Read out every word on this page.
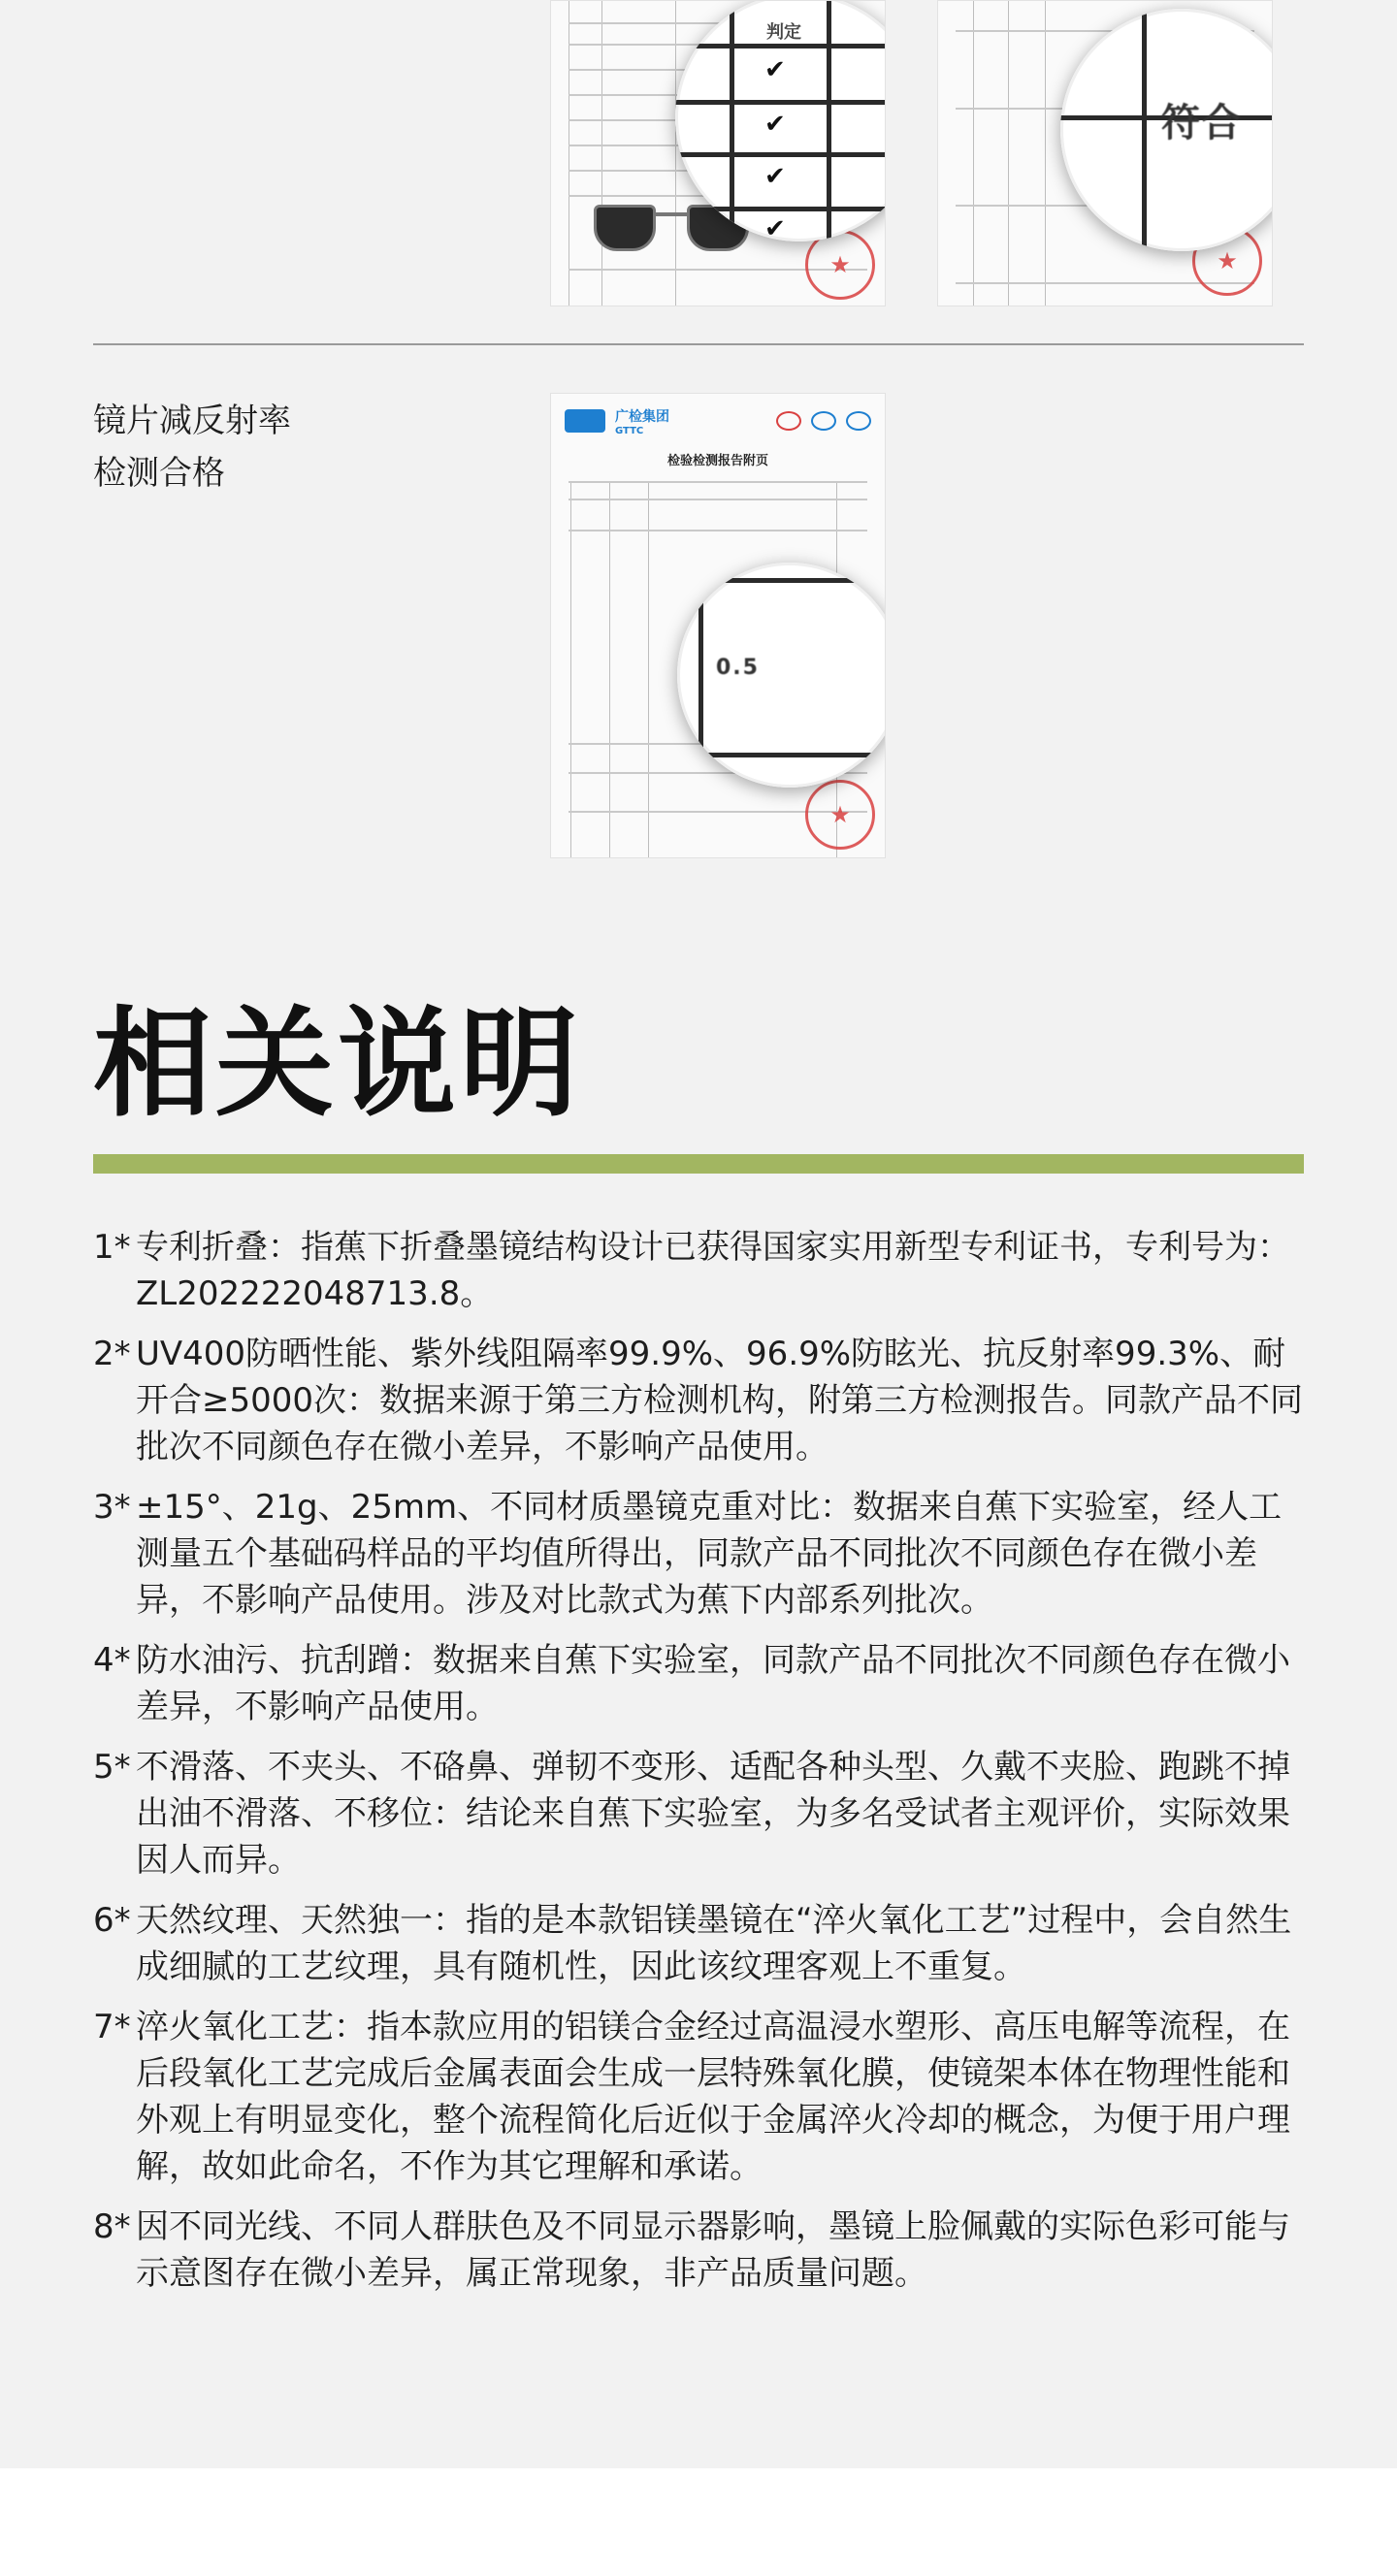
★
判定
✔
✔
✔
✔
★
符合
镜片减反射率
检测合格
广检集团
GTTC
检验检测报告附页
★
0.5
相关说明
1* 专利折叠：指蕉下折叠墨镜结构设计已获得国家实用新型专利证书，专利号为：ZL202222048713.8。
2* UV400防晒性能、紫外线阻隔率99.9%、96.9%防眩光、抗反射率99.3%、耐开合≥5000次：数据来源于第三方检测机构，附第三方检测报告。同款产品不同批次不同颜色存在微小差异，不影响产品使用。
3* ±15°、21g、25mm、不同材质墨镜克重对比：数据来自蕉下实验室，经人工测量五个基础码样品的平均值所得出，同款产品不同批次不同颜色存在微小差异，不影响产品使用。涉及对比款式为蕉下内部系列批次。
4* 防水油污、抗刮蹭：数据来自蕉下实验室，同款产品不同批次不同颜色存在微小差异，不影响产品使用。
5* 不滑落、不夹头、不硌鼻、弹韧不变形、适配各种头型、久戴不夹脸、跑跳不掉出油不滑落、不移位：结论来自蕉下实验室，为多名受试者主观评价，实际效果因人而异。
6* 天然纹理、天然独一：指的是本款铝镁墨镜在“淬火氧化工艺”过程中，会自然生成细腻的工艺纹理，具有随机性，因此该纹理客观上不重复。
7* 淬火氧化工艺：指本款应用的铝镁合金经过高温浸水塑形、高压电解等流程，在后段氧化工艺完成后金属表面会生成一层特殊氧化膜，使镜架本体在物理性能和外观上有明显变化，整个流程简化后近似于金属淬火冷却的概念，为便于用户理解，故如此命名，不作为其它理解和承诺。
8* 因不同光线、不同人群肤色及不同显示器影响，墨镜上脸佩戴的实际色彩可能与示意图存在微小差异，属正常现象，非产品质量问题。
